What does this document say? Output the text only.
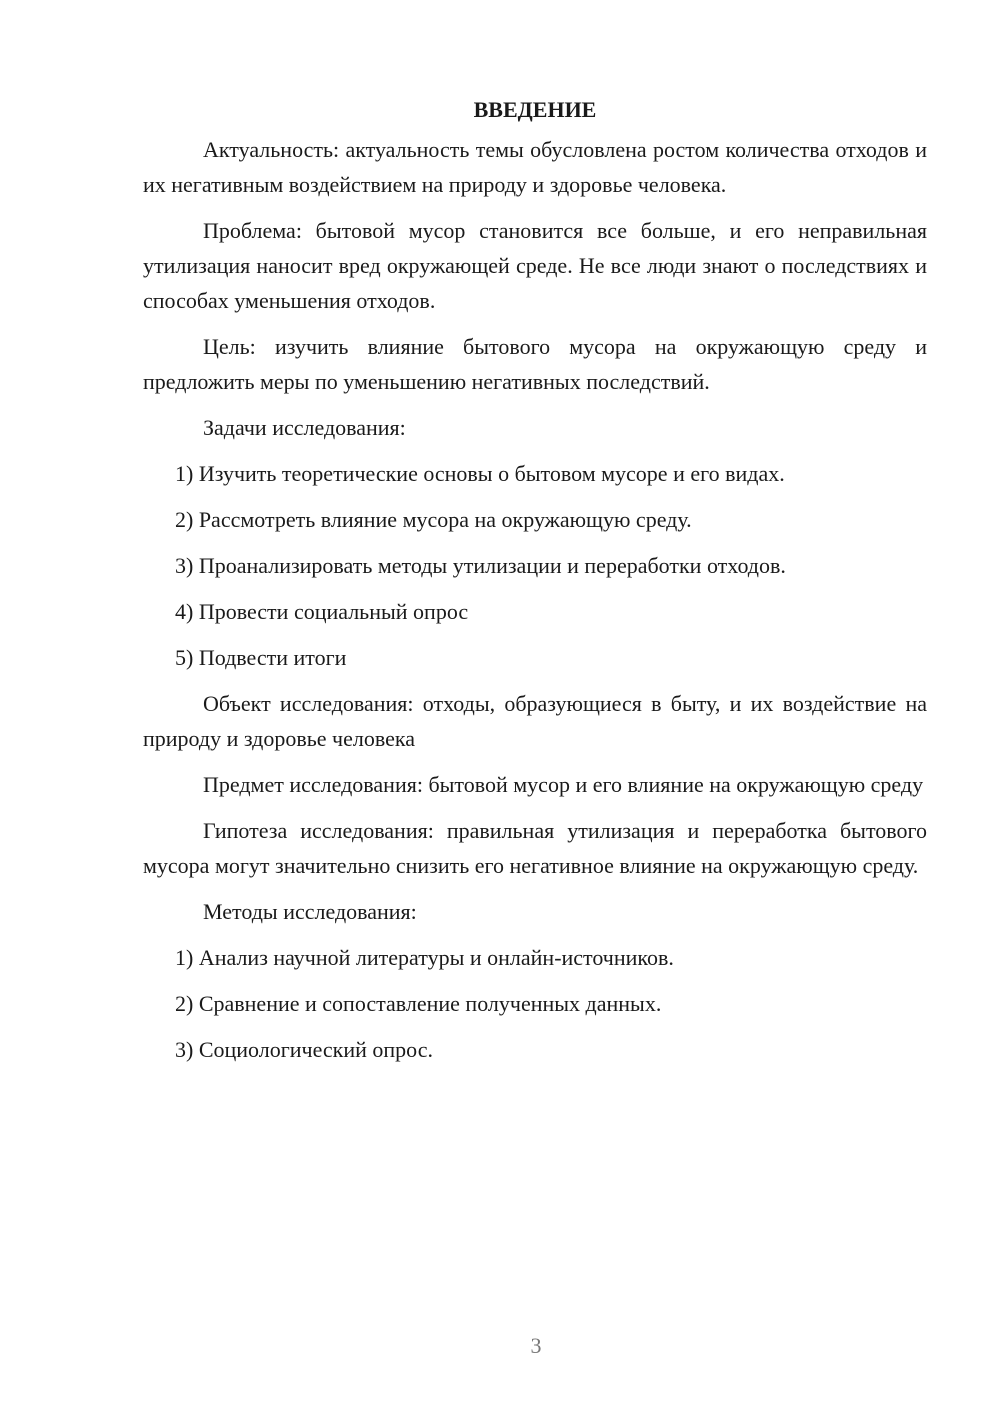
ВВЕДЕНИЕ

Актуальность: актуальность темы обусловлена ростом количества отходов и их негативным воздействием на природу и здоровье человека.

Проблема: бытовой мусор становится все больше, и его неправильная утилизация наносит вред окружающей среде. Не все люди знают о последствиях и способах уменьшения отходов.

Цель: изучить влияние бытового мусора на окружающую среду и предложить меры по уменьшению негативных последствий.

Задачи исследования:

1) Изучить теоретические основы о бытовом мусоре и его видах.
2) Рассмотреть влияние мусора на окружающую среду.
3) Проанализировать методы утилизации и переработки отходов.
4) Провести социальный опрос
5) Подвести итоги

Объект исследования: отходы, образующиеся в быту, и их воздействие на природу и здоровье человека

Предмет исследования: бытовой мусор и его влияние на окружающую среду

Гипотеза исследования: правильная утилизация и переработка бытового мусора могут значительно снизить его негативное влияние на окружающую среду.

Методы исследования:

1) Анализ научной литературы и онлайн-источников.
2) Сравнение и сопоставление полученных данных.
3) Социологический опрос.
3
